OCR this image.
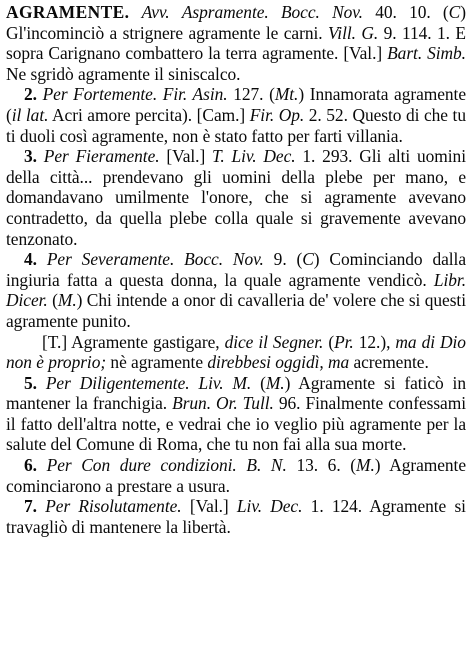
AGRAMENTE. Avv. Aspramente. Bocc. Nov. 40. 10. (C) Gl'incominciò a strignere agramente le carni. Vill. G. 9. 114. 1. E sopra Carignano combattero la terra agramente. [Val.] Bart. Simb. Ne sgridò agramente il siniscalco.

2. Per Fortemente. Fir. Asin. 127. (Mt.) Innamorata agramente (il lat. Acri amore percita). [Cam.] Fir. Op. 2. 52. Questo di che tu ti duoli così agramente, non è stato fatto per farti villania.

3. Per Fieramente. [Val.] T. Liv. Dec. 1. 293. Gli alti uomini della città... prendevano gli uomini della plebe per mano, e domandavano umilmente l'onore, che si agramente avevano contradetto, da quella plebe colla quale si gravemente avevano tenzonato.

4. Per Severamente. Bocc. Nov. 9. (C) Cominciando dalla ingiuria fatta a questa donna, la quale agramente vendicò. Libr. Dicer. (M.) Chi intende a onor di cavalleria de' volere che si questi agramente punito.

[T.] Agramente gastigare, dice il Segner. (Pr. 12.), ma di Dio non è proprio; nè agramente direbbesi oggidì, ma acremente.

5. Per Diligentemente. Liv. M. (M.) Agramente si faticò in mantener la franchigia. Brun. Or. Tull. 96. Finalmente confessami il fatto dell'altra notte, e vedrai che io veglio più agramente per la salute del Comune di Roma, che tu non fai alla sua morte.

6. Per Con dure condizioni. B. N. 13. 6. (M.) Agramente cominciarono a prestare a usura.

7. Per Risolutamente. [Val.] Liv. Dec. 1. 124. Agramente si travagliò di mantenere la libertà.
